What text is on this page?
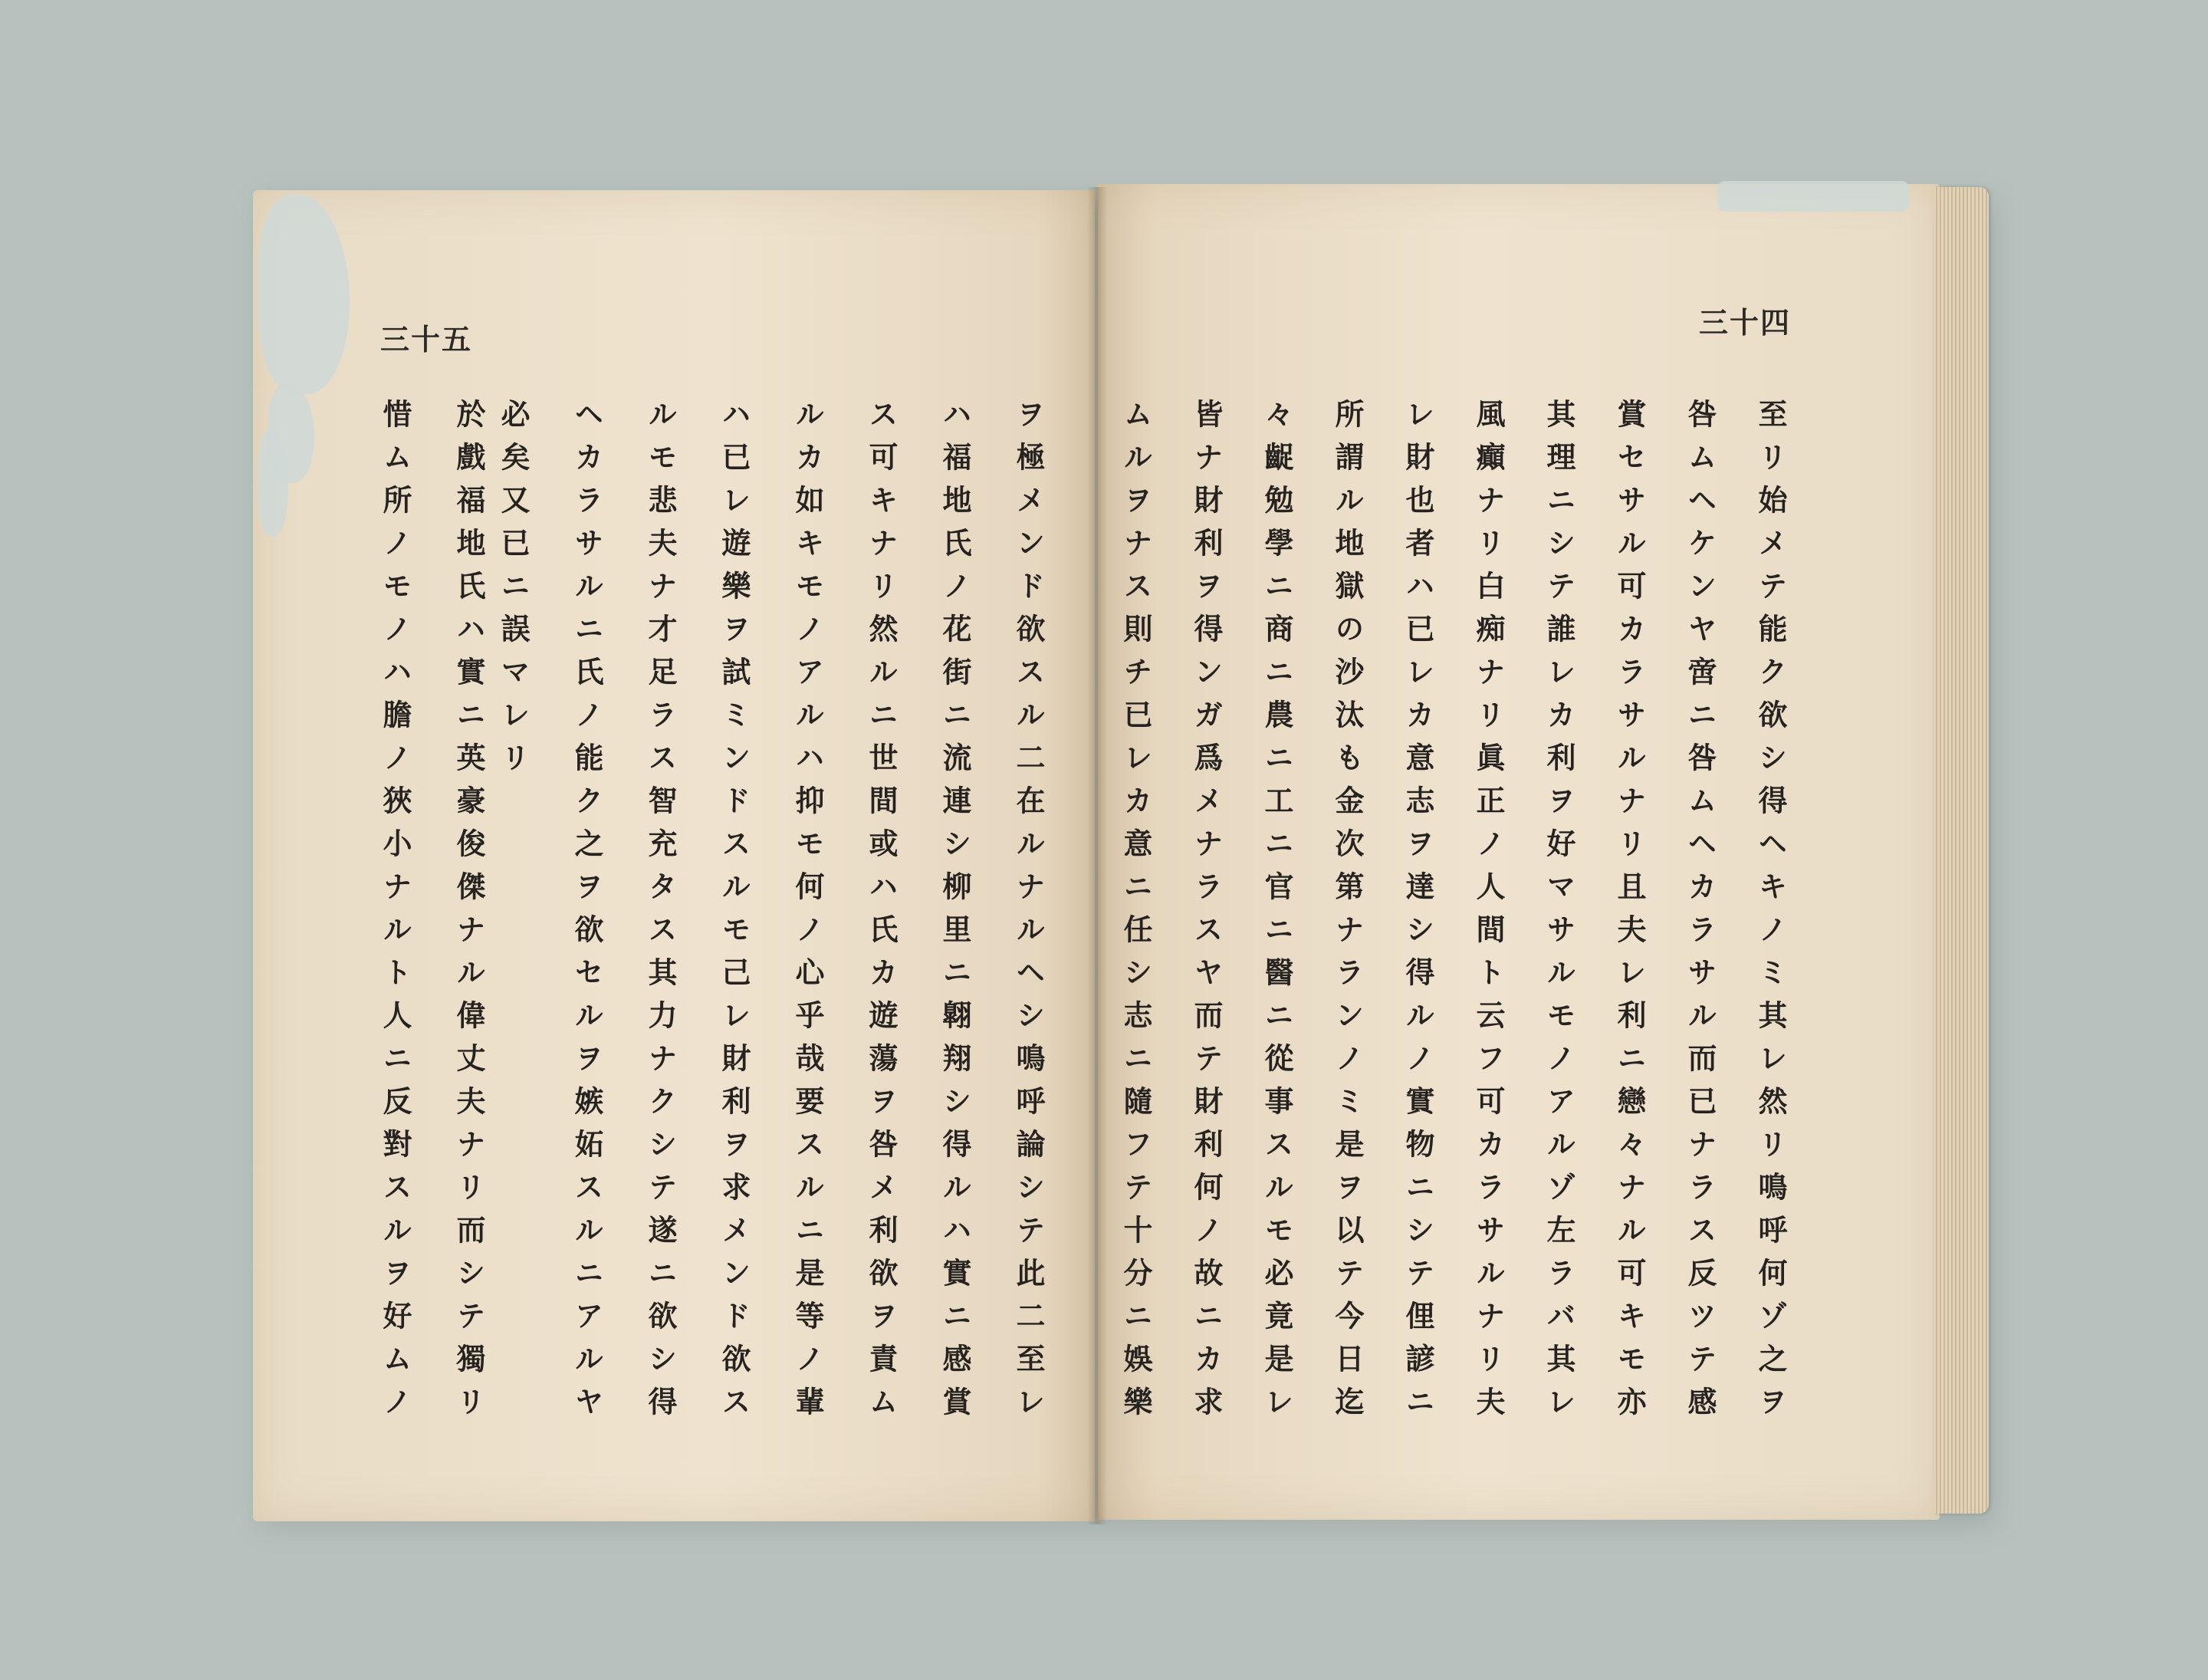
三十五	三十四
ヲ極メンド欲スル二在ルナルヘシ鳴呼論シテ此二至レ
ハ福地氏ノ花街ニ流連シ柳里ニ翺翔シ得ルハ實ニ感賞
ス可キナリ然ルニ世間或ハ氏カ遊蕩ヲ咎メ利欲ヲ責ム
ルカ如キモノアルハ抑モ何ノ心乎哉要スルニ是等ノ輩
ハ已レ遊樂ヲ試ミンドスルモ己レ財利ヲ求メンド欲ス
ルモ悲夫ナ才足ラス智充タス其力ナクシテ遂ニ欲シ得
ヘカラサルニ氏ノ能ク之ヲ欲セルヲ嫉妬スルニアルヤ
必矣又已ニ誤マレリ
於戲福地氏ハ實ニ英豪俊傑ナル偉丈夫ナリ而シテ獨リ
惜ム所ノモノハ膽ノ狹小ナルト人ニ反對スルヲ好ムノ	至リ始メテ能ク欲シ得ヘキノミ其レ然リ鳴呼何ゾ之ヲ
咎ムヘケンヤ啻ニ咎ムヘカラサル而已ナラス反ツテ感
賞セサル可カラサルナリ且夫レ利ニ戀々ナル可キモ亦
其理ニシテ誰レカ利ヲ好マサルモノアルゾ左ラバ其レ
風癲ナリ白痴ナリ眞正ノ人間ト云フ可カラサルナリ夫
レ財也者ハ已レカ意志ヲ達シ得ルノ實物ニシテ俚諺ニ
所謂ル地獄の沙汰も金次第ナランノミ是ヲ以テ今日迄
々齪勉學ニ商ニ農ニ工ニ官ニ醫ニ從事スルモ必竟是レ
皆ナ財利ヲ得ンガ爲メナラスヤ而テ財利何ノ故ニカ求
ムルヲナス則チ已レカ意ニ任シ志ニ隨フテ十分ニ娛樂
